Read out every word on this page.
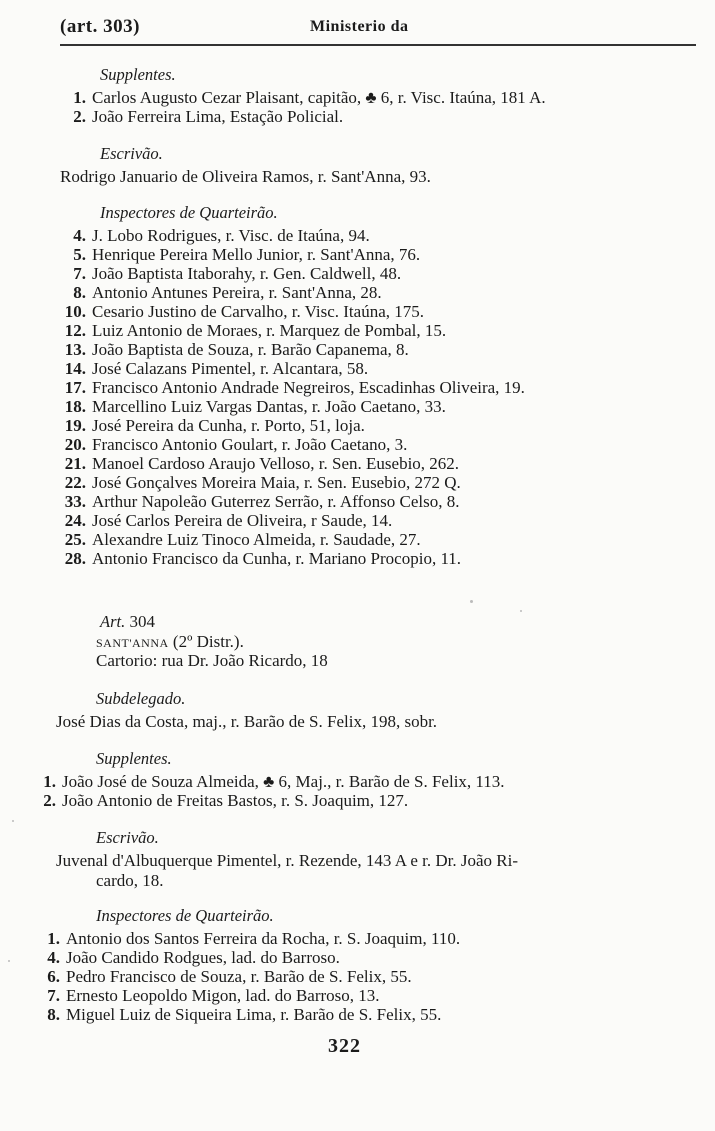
(art. 303)	Ministerio da
Supplentes.
1. Carlos Augusto Cezar Plaisant, capitão, ♣ 6, r. Visc. Itaúna, 181 A.
2. João Ferreira Lima, Estação Policial.
Escrivão.
Rodrigo Januario de Oliveira Ramos, r. Sant'Anna, 93.
Inspectores de Quarteirão.
4. J. Lobo Rodrigues, r. Visc. de Itaúna, 94.
5. Henrique Pereira Mello Junior, r. Sant'Anna, 76.
7. João Baptista Itaborahy, r. Gen. Caldwell, 48.
8. Antonio Antunes Pereira, r. Sant'Anna, 28.
10. Cesario Justino de Carvalho, r. Visc. Itaúna, 175.
12. Luiz Antonio de Moraes, r. Marquez de Pombal, 15.
13. João Baptista de Souza, r. Barão Capanema, 8.
14. José Calazans Pimentel, r. Alcantara, 58.
17. Francisco Antonio Andrade Negreiros, Escadinhas Oliveira, 19.
18. Marcellino Luiz Vargas Dantas, r. João Caetano, 33.
19. José Pereira da Cunha, r. Porto, 51, loja.
20. Francisco Antonio Goulart, r. João Caetano, 3.
21. Manoel Cardoso Araujo Velloso, r. Sen. Eusebio, 262.
22. José Gonçalves Moreira Maia, r. Sen. Eusebio, 272 Q.
33. Arthur Napoleão Guterrez Serrão, r. Affonso Celso, 8.
24. José Carlos Pereira de Oliveira, r Saude, 14.
25. Alexandre Luiz Tinoco Almeida, r. Saudade, 27.
28. Antonio Francisco da Cunha, r. Mariano Procopio, 11.
Art. 304
SANT'ANNA (2º Distr.).
Cartorio: rua Dr. João Ricardo, 18
Subdelegado.
José Dias da Costa, maj., r. Barão de S. Felix, 198, sobr.
Supplentes.
1. João José de Souza Almeida, ♣ 6, Maj., r. Barão de S. Felix, 113.
2. João Antonio de Freitas Bastos, r. S. Joaquim, 127.
Escrivão.
Juvenal d'Albuquerque Pimentel, r. Rezende, 143 A e r. Dr. João Ri-
cardo, 18.
Inspectores de Quarteirão.
1. Antonio dos Santos Ferreira da Rocha, r. S. Joaquim, 110.
4. João Candido Rodgues, lad. do Barroso.
6. Pedro Francisco de Souza, r. Barão de S. Felix, 55.
7. Ernesto Leopoldo Migon, lad. do Barroso, 13.
8. Miguel Luiz de Siqueira Lima, r. Barão de S. Felix, 55.
322
